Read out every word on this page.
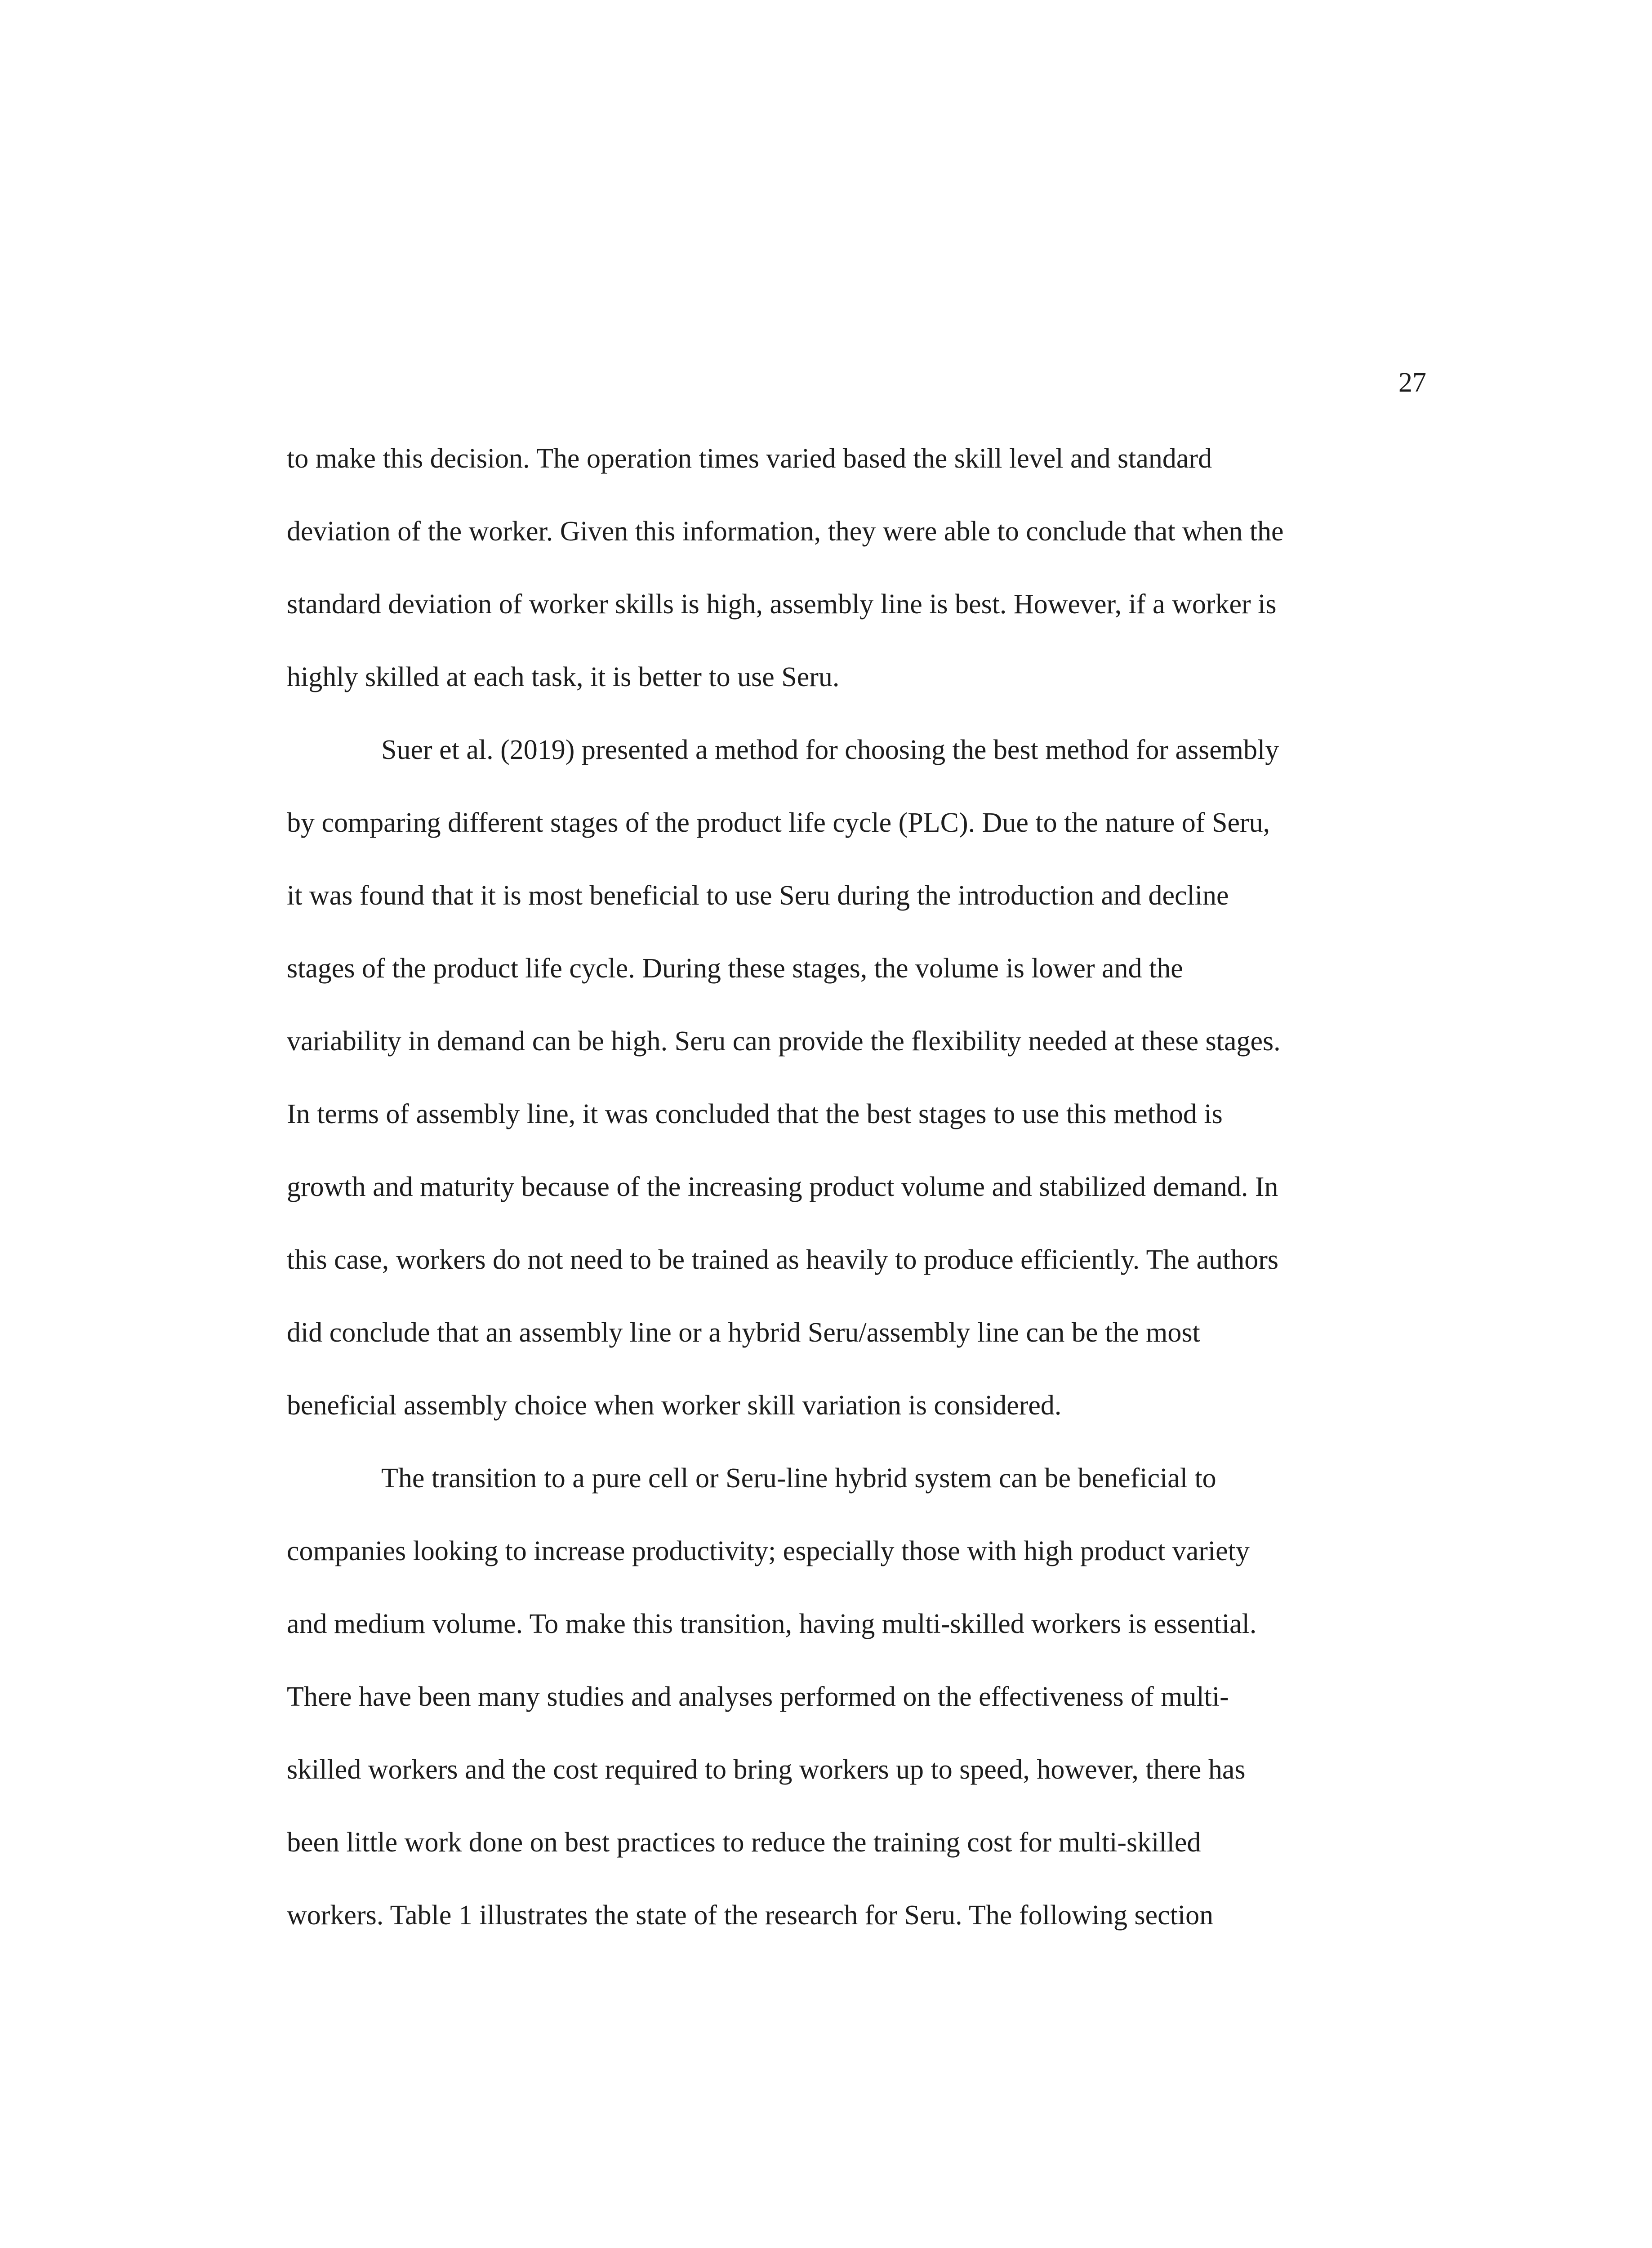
27
to make this decision. The operation times varied based the skill level and standard
deviation of the worker. Given this information, they were able to conclude that when the
standard deviation of worker skills is high, assembly line is best. However, if a worker is
highly skilled at each task, it is better to use Seru.
Suer et al. (2019) presented a method for choosing the best method for assembly
by comparing different stages of the product life cycle (PLC). Due to the nature of Seru,
it was found that it is most beneficial to use Seru during the introduction and decline
stages of the product life cycle. During these stages, the volume is lower and the
variability in demand can be high. Seru can provide the flexibility needed at these stages.
In terms of assembly line, it was concluded that the best stages to use this method is
growth and maturity because of the increasing product volume and stabilized demand. In
this case, workers do not need to be trained as heavily to produce efficiently. The authors
did conclude that an assembly line or a hybrid Seru/assembly line can be the most
beneficial assembly choice when worker skill variation is considered.
The transition to a pure cell or Seru-line hybrid system can be beneficial to
companies looking to increase productivity; especially those with high product variety
and medium volume. To make this transition, having multi-skilled workers is essential.
There have been many studies and analyses performed on the effectiveness of multi-
skilled workers and the cost required to bring workers up to speed, however, there has
been little work done on best practices to reduce the training cost for multi-skilled
workers. Table 1 illustrates the state of the research for Seru. The following section
